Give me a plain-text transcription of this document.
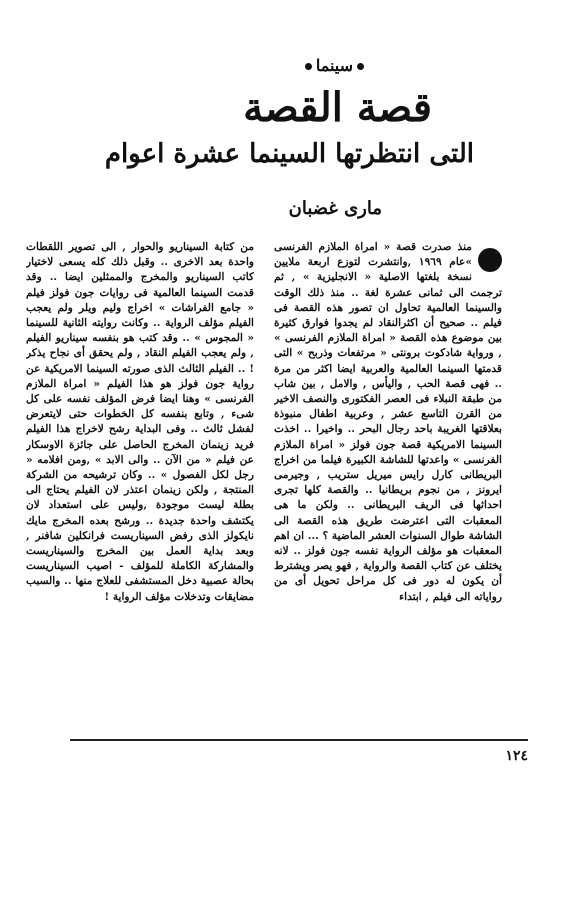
سينما
قصة القصة
التى انتظرتها السينما عشرة اعوام
مارى غضبان
منذ صدرت قصة « امراة الملازم الفرنسى »عام ١٩٦٩ ,وانتشرت لتوزع اربعة ملايين نسخة بلغتها الاصلية « الانجليزية » , ثم ترجمت الى ثمانى عشرة لغة .. منذ ذلك الوقت والسينما العالمية تحاول ان تصور هذه القصة فى فيلم .. صحيح أن اكثرالنقاد لم يجدوا فوارق كثيرة بين موضوع هذه القصة « امراة الملازم الفرنسى » , ورواية شادكوت برونتى « مرتفعات وذربح » التى قدمتها السينما العالمية والعربية ايضا اكثر من مرة .. فهى قصة الحب , واليأس , والامل , بين شاب من طبقة النبلاء فى العصر الفكتورى والنصف الاخير من القرن التاسع عشر , وعربية اطفال منبوذة بعلاقتها الغريبة باحد رجال البحر .. واخيرا .. اخذت السينما الامريكية قصة جون فولز « امراة الملازم الفرنسى » واعدتها للشاشة الكبيرة فيلما من اخراج البريطانى كارل رايس ميريل ستريب , وجيرمى ايرونز , من نجوم بريطانيا .. والقصة كلها تجرى احداثها فى الريف البريطانى .. ولكن ما هى المعقبات التى اعترضت طريق هذه القصة الى الشاشة طوال السنوات العشر الماضية ؟ ... ان اهم المعقبات هو مؤلف الرواية نفسه جون فولز .. لانه يختلف عن كتاب القصة والرواية , فهو يصر ويشترط أن يكون له دور فى كل مراحل تحويل أى من رواياته الى فيلم , ابتداء
من كتابة السيناريو والحوار , الى تصوير اللقطات واحدة بعد الاخرى .. وقبل ذلك كله يسعى لاختيار كاتب السيناريو والمخرج والممثلين ايضا .. وقد قدمت السينما العالمية فى روايات جون فولز فيلم « جامع الفراشات » اخراج وليم ويلر ولم يعجب الفيلم مؤلف الرواية .. وكانت روايته الثانية للسينما « المجوس » .. وقد كتب هو بنفسه سيناريو الفيلم , ولم يعجب الفيلم النقاد , ولم يحقق أى نجاح يذكر ! .. الفيلم الثالث الذى صورته السينما الامريكية عن رواية جون فولز هو هذا الفيلم « امراة الملازم الفرنسى » وهنا ايضا فرض المؤلف نفسه على كل شىء , وتابع بنفسه كل الخطوات حتى لايتعرض لفشل ثالث .. وفى البداية رشح لاخراج هذا الفيلم فريد زينمان المخرج الحاصل على جائزة الاوسكار عن فيلم « من الآن .. والى الابد » ,ومن افلامه « رجل لكل الفصول » .. وكان ترشيحه من الشركة المنتجة , ولكن زينمان اعتذر لان الفيلم يحتاج الى بطلة ليست موجودة ,وليس على استعداد لان يكتشف واحدة جديدة .. ورشح بعده المخرج مايك نايكولز الذى رفض السيناريست فرانكلين شافنر , وبعد بداية العمل بين المخرج والسيناريست والمشاركة الكاملة للمؤلف - اصيب السيناريست بحالة عصبية دخل المستشفى للعلاج منها .. والسبب مضايقات وتدخلات مؤلف الرواية !
١٢٤
